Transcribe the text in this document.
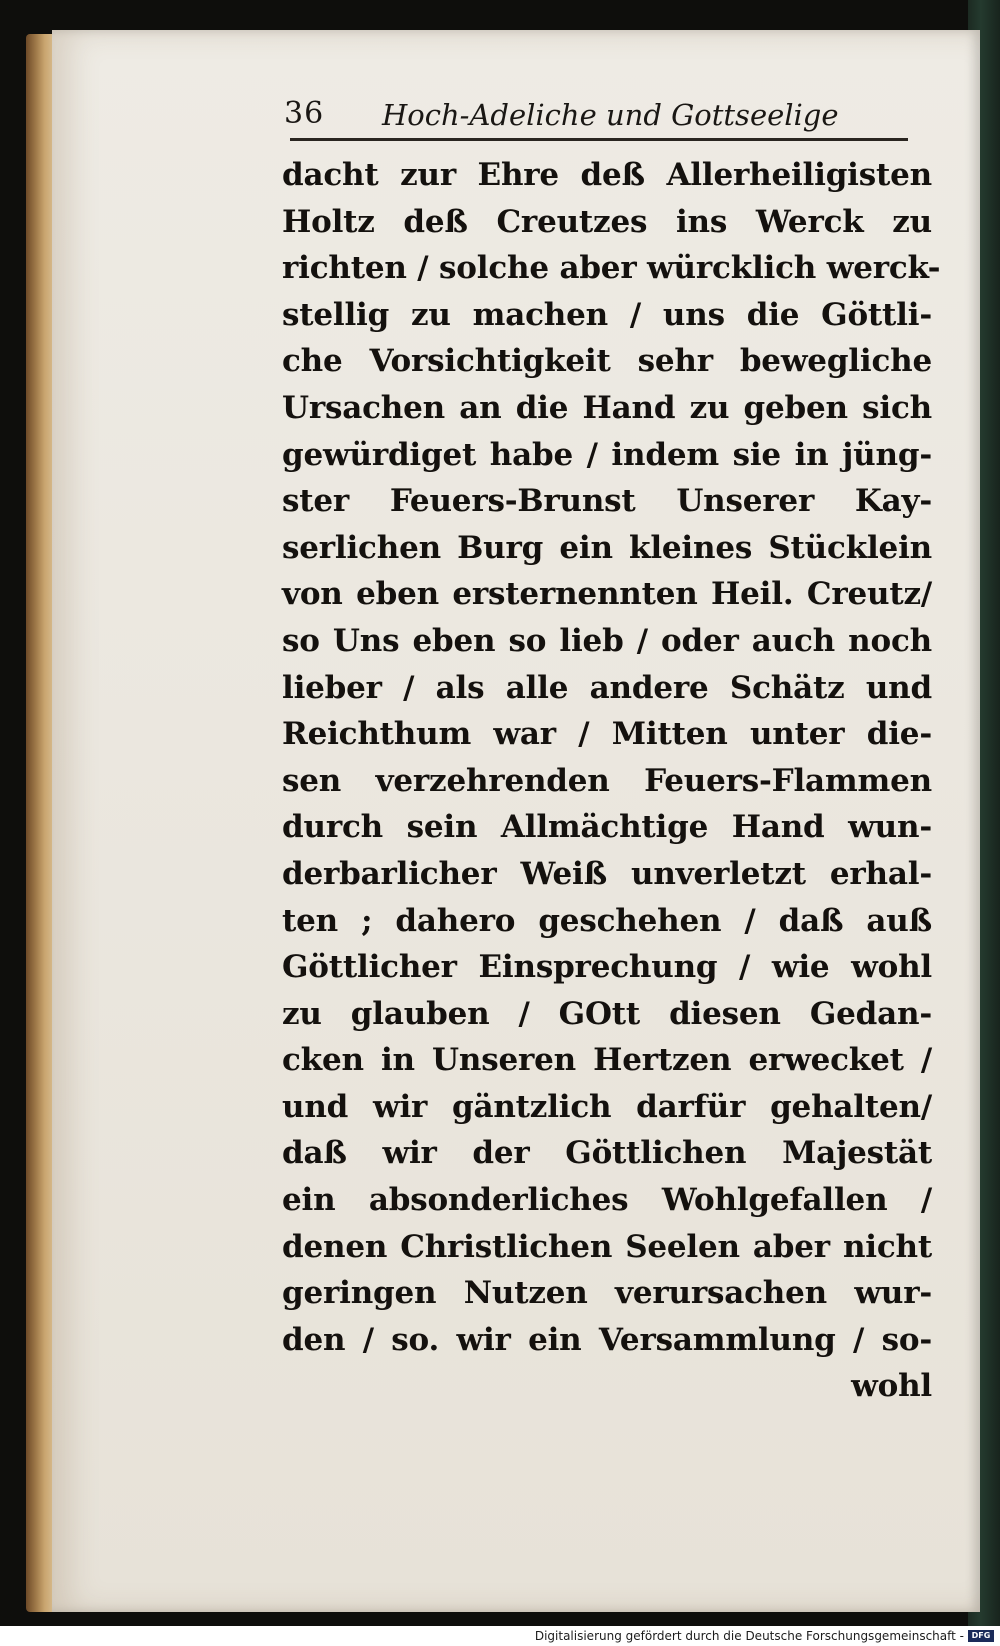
36 Hoch-Adeliche und Gottseelige
dacht zur Ehre deß Allerheiligisten
Holtz deß Creutzes ins Werck zu
richten / solche aber würcklich werck-
stellig zu machen / uns die Göttli-
che Vorsichtigkeit sehr bewegliche
Ursachen an die Hand zu geben sich
gewürdiget habe / indem sie in jüng-
ster Feuers-Brunst Unserer Kay-
serlichen Burg ein kleines Stücklein
von eben ersternennten Heil. Creutz/
so Uns eben so lieb / oder auch noch
lieber / als alle andere Schätz und
Reichthum war / Mitten unter die-
sen verzehrenden Feuers-Flammen
durch sein Allmächtige Hand wun-
derbarlicher Weiß unverletzt erhal-
ten ; dahero geschehen / daß auß
Göttlicher Einsprechung / wie wohl
zu glauben / GOtt diesen Gedan-
cken in Unseren Hertzen erwecket /
und wir gäntzlich darfür gehalten/
daß wir der Göttlichen Majestät
ein absonderliches Wohlgefallen /
denen Christlichen Seelen aber nicht
geringen Nutzen verursachen wur-
den / so. wir ein Versammlung / so-
wohl
Digitalisierung gefördert durch die Deutsche Forschungsgemeinschaft - DFG
